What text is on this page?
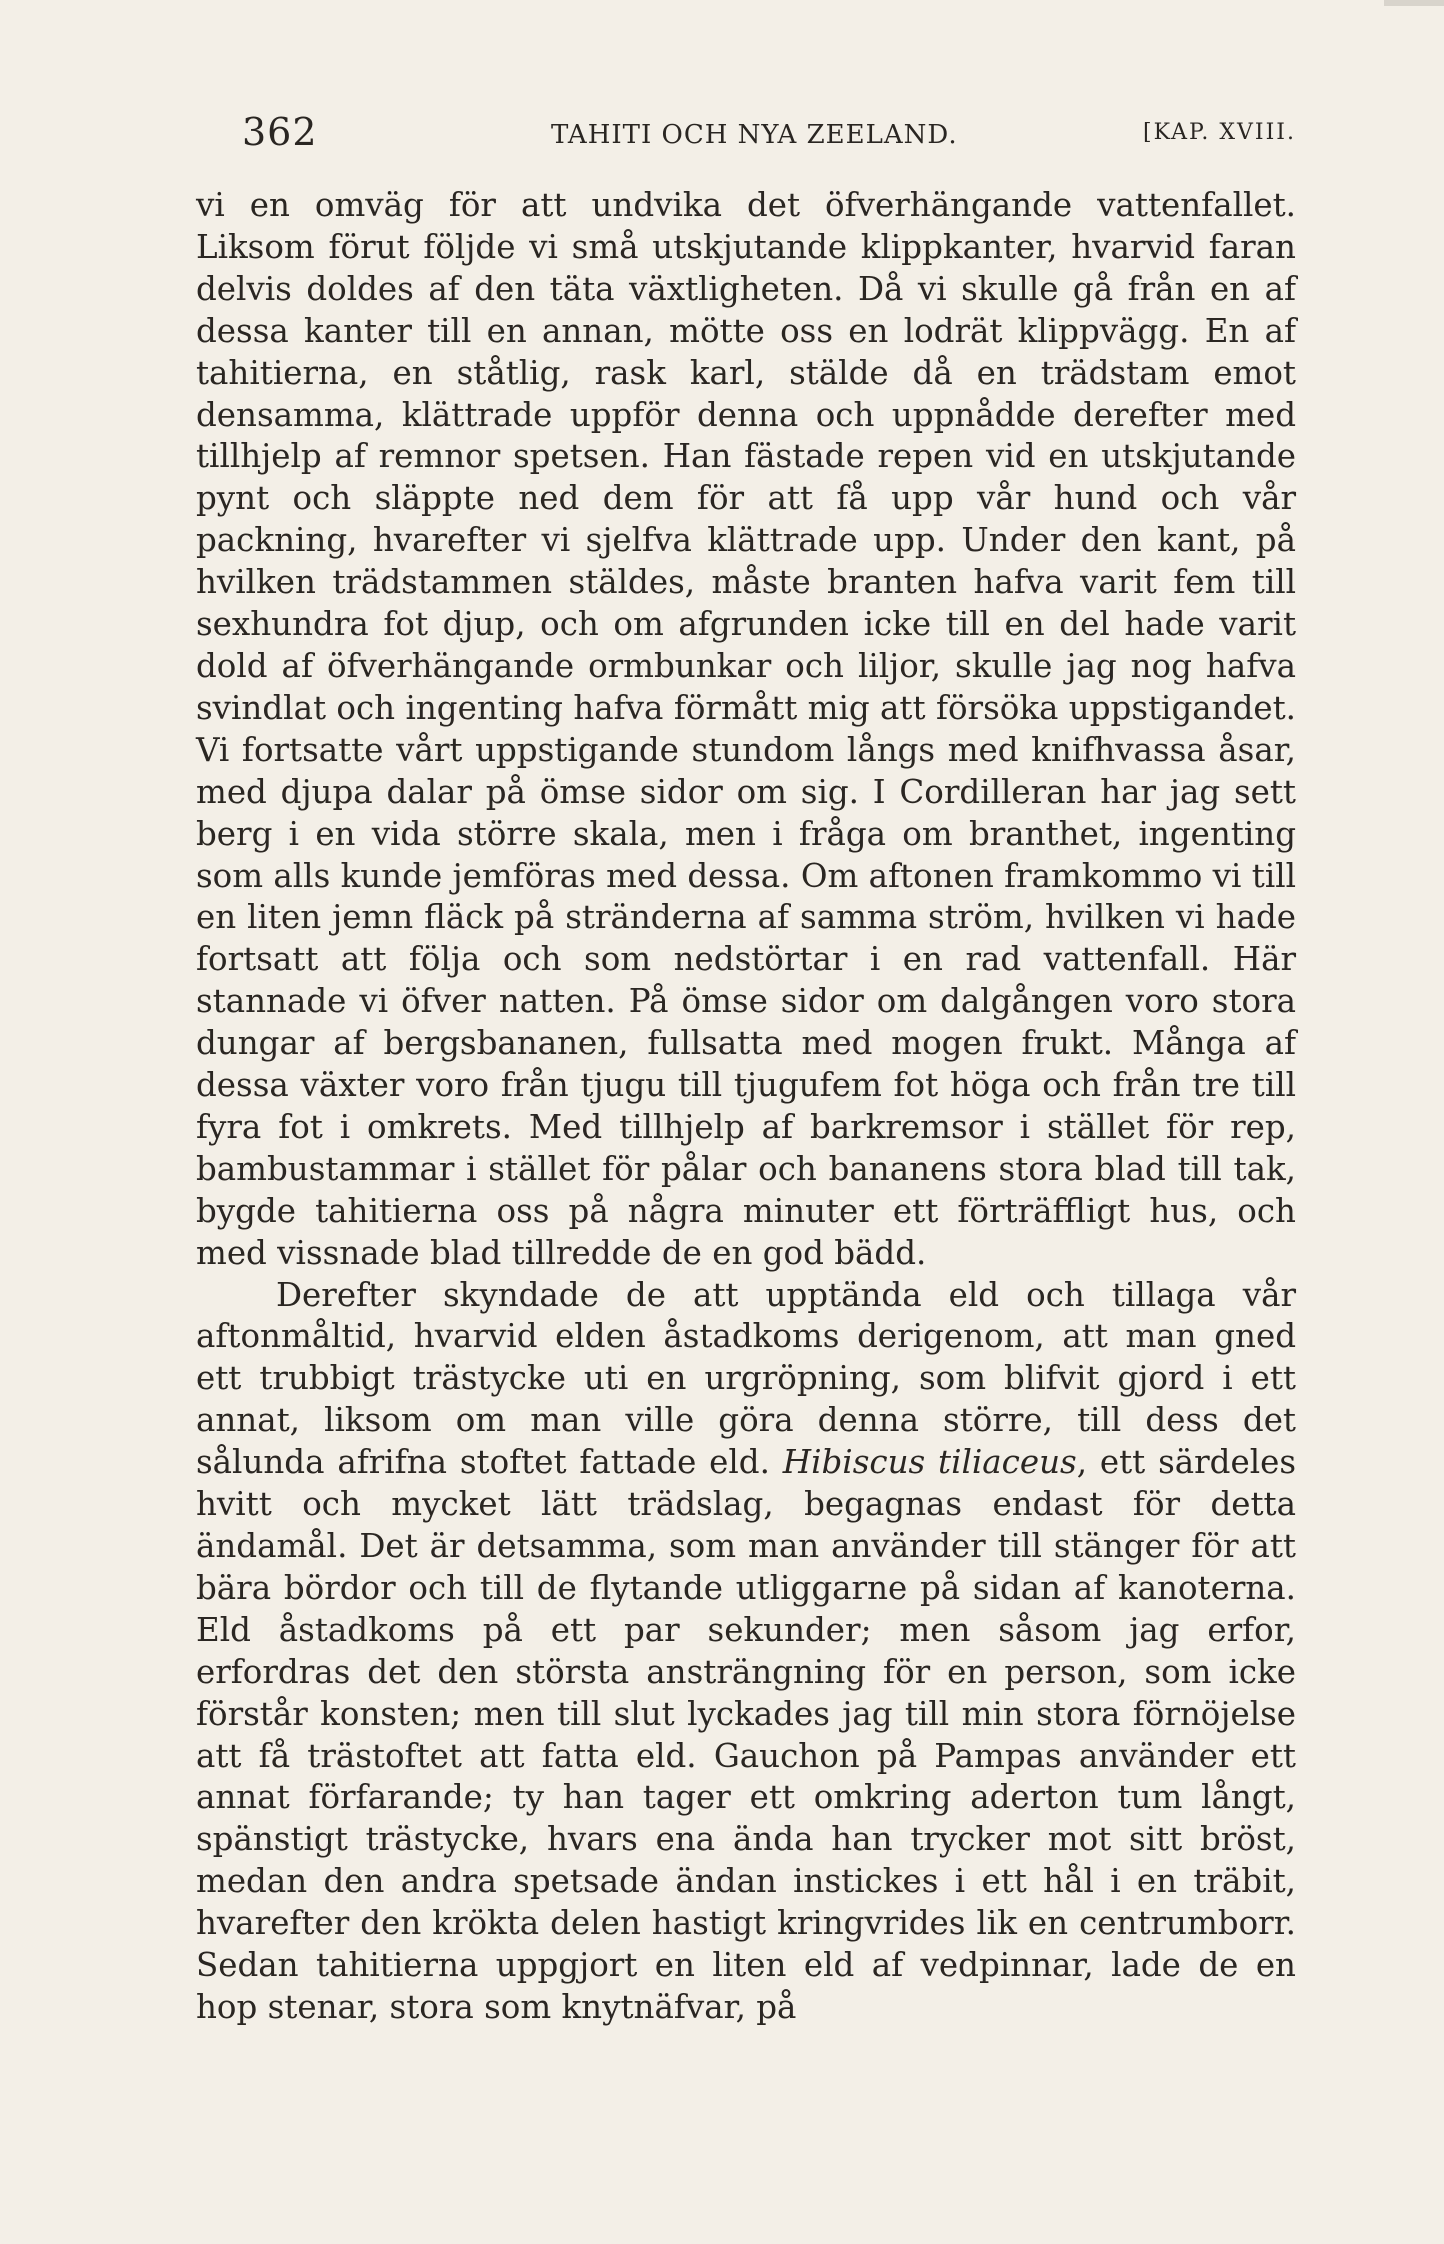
362	TAHITI OCH NYA ZEELAND.	[KAP. XVIII.

vi en omväg för att undvika det öfverhängande vattenfallet. Liksom förut följde vi små utskjutande klippkanter, hvarvid faran delvis doldes af den täta växtligheten. Då vi skulle gå från en af dessa kanter till en annan, mötte oss en lodrät klippvägg. En af tahitierna, en ståtlig, rask karl, stälde då en trädstam emot densamma, klättrade uppför denna och uppnådde derefter med tillhjelp af remnor spetsen. Han fästade repen vid en utskjutande pynt och släppte ned dem för att få upp vår hund och vår packning, hvarefter vi sjelfva klättrade upp. Under den kant, på hvilken trädstammen stäldes, måste branten hafva varit fem till sexhundra fot djup, och om afgrunden icke till en del hade varit dold af öfverhängande ormbunkar och liljor, skulle jag nog hafva svindlat och ingenting hafva förmått mig att försöka uppstigandet. Vi fortsatte vårt uppstigande stundom långs med knifhvassa åsar, med djupa dalar på ömse sidor om sig. I Cordilleran har jag sett berg i en vida större skala, men i fråga om branthet, ingenting som alls kunde jemföras med dessa. Om aftonen framkommo vi till en liten jemn fläck på stränderna af samma ström, hvilken vi hade fortsatt att följa och som nedstörtar i en rad vattenfall. Här stannade vi öfver natten. På ömse sidor om dalgången voro stora dungar af bergsbananen, fullsatta med mogen frukt. Många af dessa växter voro från tjugu till tjugufem fot höga och från tre till fyra fot i omkrets. Med tillhjelp af barkremsor i stället för rep, bambustammar i stället för pålar och bananens stora blad till tak, bygde tahitierna oss på några minuter ett förträffligt hus, och med vissnade blad tillredde de en god bädd.

Derefter skyndade de att upptända eld och tillaga vår aftonmåltid, hvarvid elden åstadkoms derigenom, att man gned ett trubbigt trästycke uti en urgröpning, som blifvit gjord i ett annat, liksom om man ville göra denna större, till dess det sålunda afrifna stoftet fattade eld. Hibiscus tiliaceus, ett särdeles hvitt och mycket lätt trädslag, begagnas endast för detta ändamål. Det är detsamma, som man använder till stänger för att bära bördor och till de flytande utliggarne på sidan af kanoterna. Eld åstadkoms på ett par sekunder; men såsom jag erfor, erfordras det den största ansträngning för en person, som icke förstår konsten; men till slut lyckades jag till min stora förnöjelse att få trästoftet att fatta eld. Gauchon på Pampas använder ett annat förfarande; ty han tager ett omkring aderton tum långt, spänstigt trästycke, hvars ena ända han trycker mot sitt bröst, medan den andra spetsade ändan instickes i ett hål i en träbit, hvarefter den krökta delen hastigt kringvrides lik en centrumborr. Sedan tahitierna uppgjort en liten eld af vedpinnar, lade de en hop stenar, stora som knytnäfvar, på
